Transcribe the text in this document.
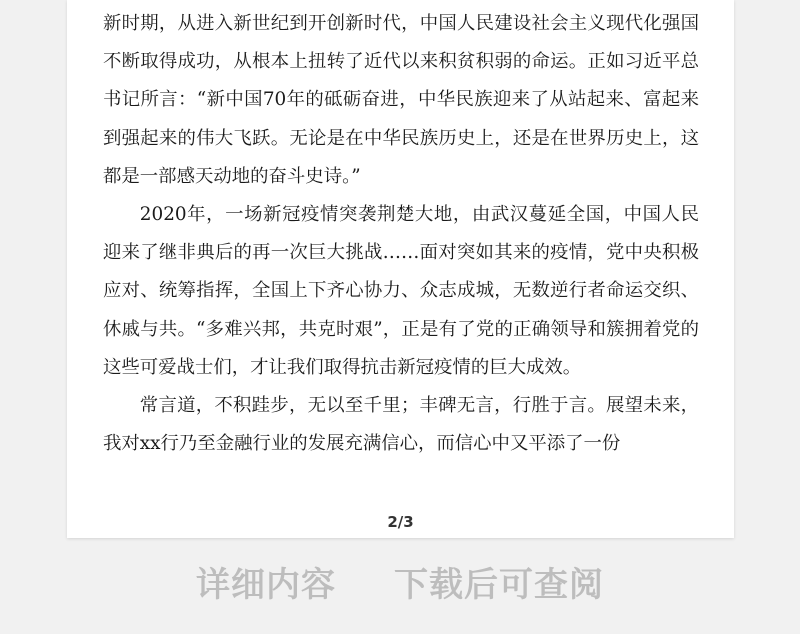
新时期，从进入新世纪到开创新时代，中国人民建设社会主义现代化强国不断取得成功，从根本上扭转了近代以来积贫积弱的命运。正如习近平总书记所言：“新中国70年的砥砺奋进，中华民族迎来了从站起来、富起来到强起来的伟大飞跃。无论是在中华民族历史上，还是在世界历史上，这都是一部感天动地的奋斗史诗。”

2020年，一场新冠疫情突袭荆楚大地，由武汉蔓延全国，中国人民迎来了继非典后的再一次巨大挑战……面对突如其来的疫情，党中央积极应对、统筹指挥，全国上下齐心协力、众志成城，无数逆行者命运交织、休戚与共。“多难兴邦，共克时艰”，正是有了党的正确领导和簇拥着党的这些可爱战士们，才让我们取得抗击新冠疫情的巨大成效。

常言道，不积跬步，无以至千里；丰碑无言，行胜于言。展望未来，我对xx行乃至金融行业的发展充满信心，而信心中又平添了一份

2/3
详细内容 下载后可查阅
